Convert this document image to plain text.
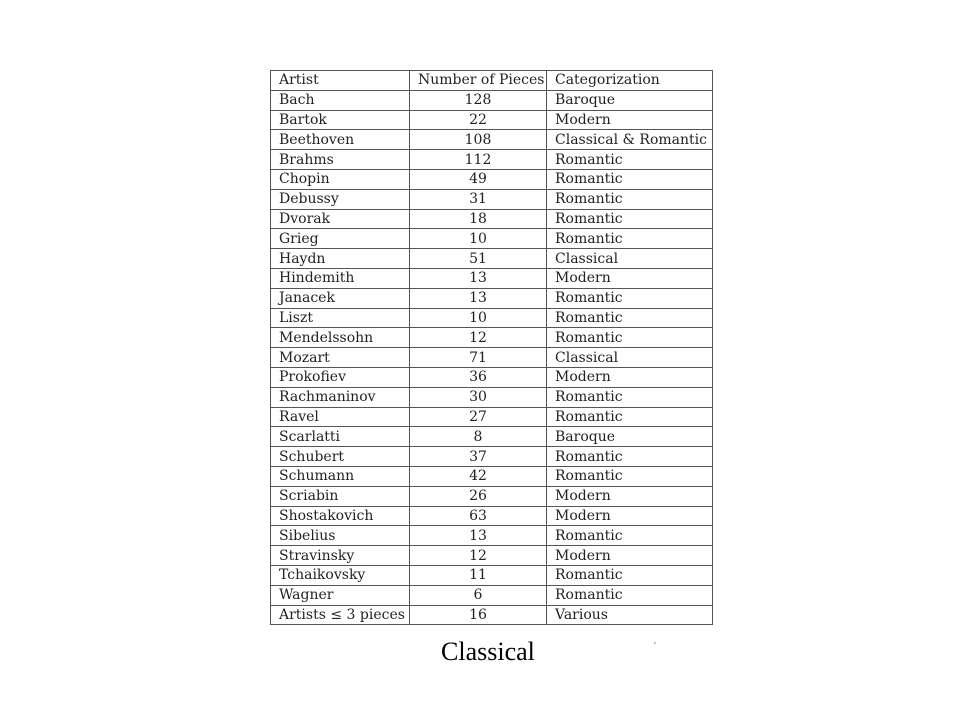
Artist	Number of Pieces	Categorization
Bach	128	Baroque
Bartok	22	Modern
Beethoven	108	Classical & Romantic
Brahms	112	Romantic
Chopin	49	Romantic
Debussy	31	Romantic
Dvorak	18	Romantic
Grieg	10	Romantic
Haydn	51	Classical
Hindemith	13	Modern
Janacek	13	Romantic
Liszt	10	Romantic
Mendelssohn	12	Romantic
Mozart	71	Classical
Prokofiev	36	Modern
Rachmaninov	30	Romantic
Ravel	27	Romantic
Scarlatti	8	Baroque
Schubert	37	Romantic
Schumann	42	Romantic
Scriabin	26	Modern
Shostakovich	63	Modern
Sibelius	13	Romantic
Stravinsky	12	Modern
Tchaikovsky	11	Romantic
Wagner	6	Romantic
Artists ≤ 3 pieces	16	Various
Classical	ʼ
